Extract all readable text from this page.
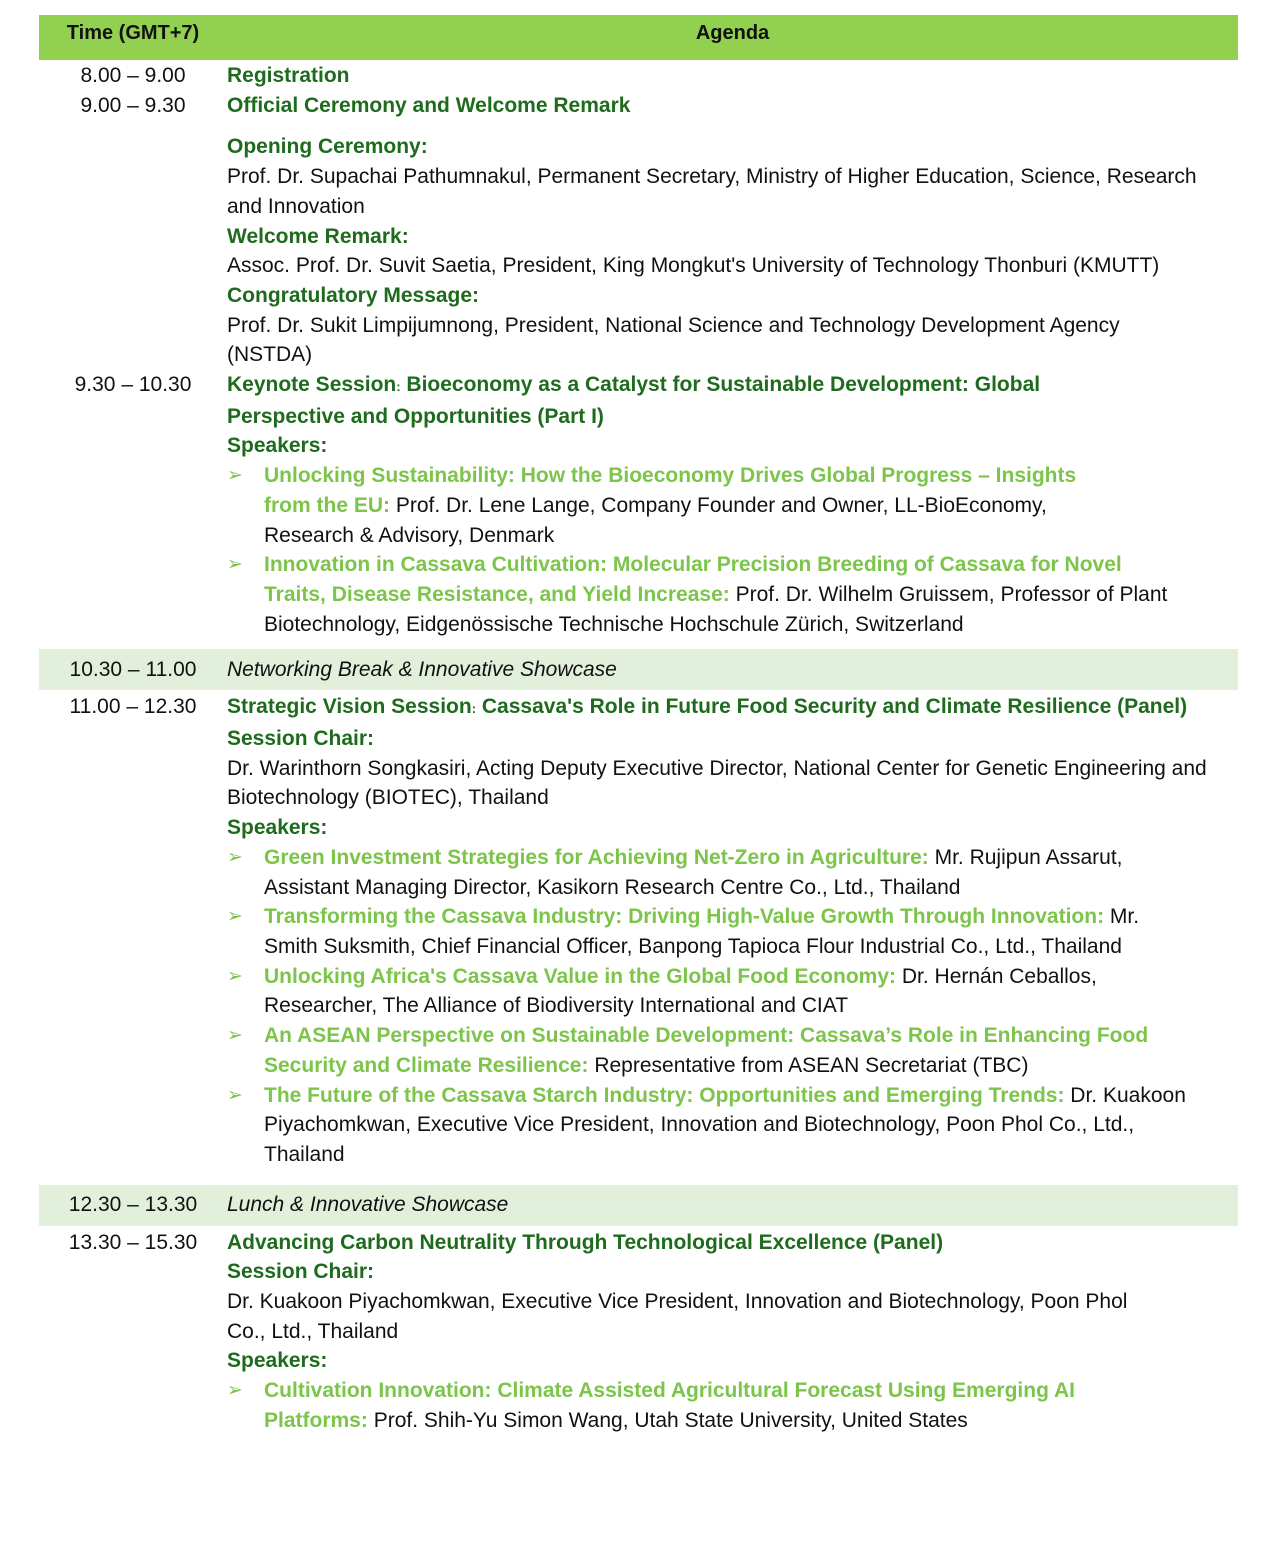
Time (GMT+7)	Agenda
8.00 – 9.00	Registration
9.00 – 9.30	Official Ceremony and Welcome Remark

Opening Ceremony:

Prof. Dr. Supachai Pathumnakul, Permanent Secretary, Ministry of Higher Education, Science, Research and Innovation

Welcome Remark:

Assoc. Prof. Dr. Suvit Saetia, President, King Mongkut's University of Technology Thonburi (KMUTT)

Congratulatory Message:

Prof. Dr. Sukit Limpijumnong, President, National Science and Technology Development Agency (NSTDA)

9.30 – 10.30	Keynote Session: Bioeconomy as a Catalyst for Sustainable Development: Global Perspective and Opportunities (Part I)

Speakers:

➢ Unlocking Sustainability: How the Bioeconomy Drives Global Progress – Insights from the EU: Prof. Dr. Lene Lange, Company Founder and Owner, LL-BioEconomy, Research & Advisory, Denmark
➢ Innovation in Cassava Cultivation: Molecular Precision Breeding of Cassava for Novel Traits, Disease Resistance, and Yield Increase: Prof. Dr. Wilhelm Gruissem, Professor of Plant Biotechnology, Eidgenössische Technische Hochschule Zürich, Switzerland
10.30 – 11.00	Networking Break & Innovative Showcase
11.00 – 12.30	Strategic Vision Session: Cassava's Role in Future Food Security and Climate Resilience (Panel)

Session Chair:

Dr. Warinthorn Songkasiri, Acting Deputy Executive Director, National Center for Genetic Engineering and Biotechnology (BIOTEC), Thailand

Speakers:

➢ Green Investment Strategies for Achieving Net-Zero in Agriculture: Mr. Rujipun Assarut, Assistant Managing Director, Kasikorn Research Centre Co., Ltd., Thailand
➢ Transforming the Cassava Industry: Driving High-Value Growth Through Innovation: Mr. Smith Suksmith, Chief Financial Officer, Banpong Tapioca Flour Industrial Co., Ltd., Thailand
➢ Unlocking Africa's Cassava Value in the Global Food Economy: Dr. Hernán Ceballos, Researcher, The Alliance of Biodiversity International and CIAT
➢ An ASEAN Perspective on Sustainable Development: Cassava’s Role in Enhancing Food Security and Climate Resilience: Representative from ASEAN Secretariat (TBC)
➢ The Future of the Cassava Starch Industry: Opportunities and Emerging Trends: Dr. Kuakoon Piyachomkwan, Executive Vice President, Innovation and Biotechnology, Poon Phol Co., Ltd., Thailand
12.30 – 13.30	Lunch & Innovative Showcase
13.30 – 15.30	Advancing Carbon Neutrality Through Technological Excellence (Panel)

Session Chair:

Dr. Kuakoon Piyachomkwan, Executive Vice President, Innovation and Biotechnology, Poon Phol Co., Ltd., Thailand

Speakers:

➢ Cultivation Innovation: Climate Assisted Agricultural Forecast Using Emerging AI Platforms: Prof. Shih-Yu Simon Wang, Utah State University, United States
